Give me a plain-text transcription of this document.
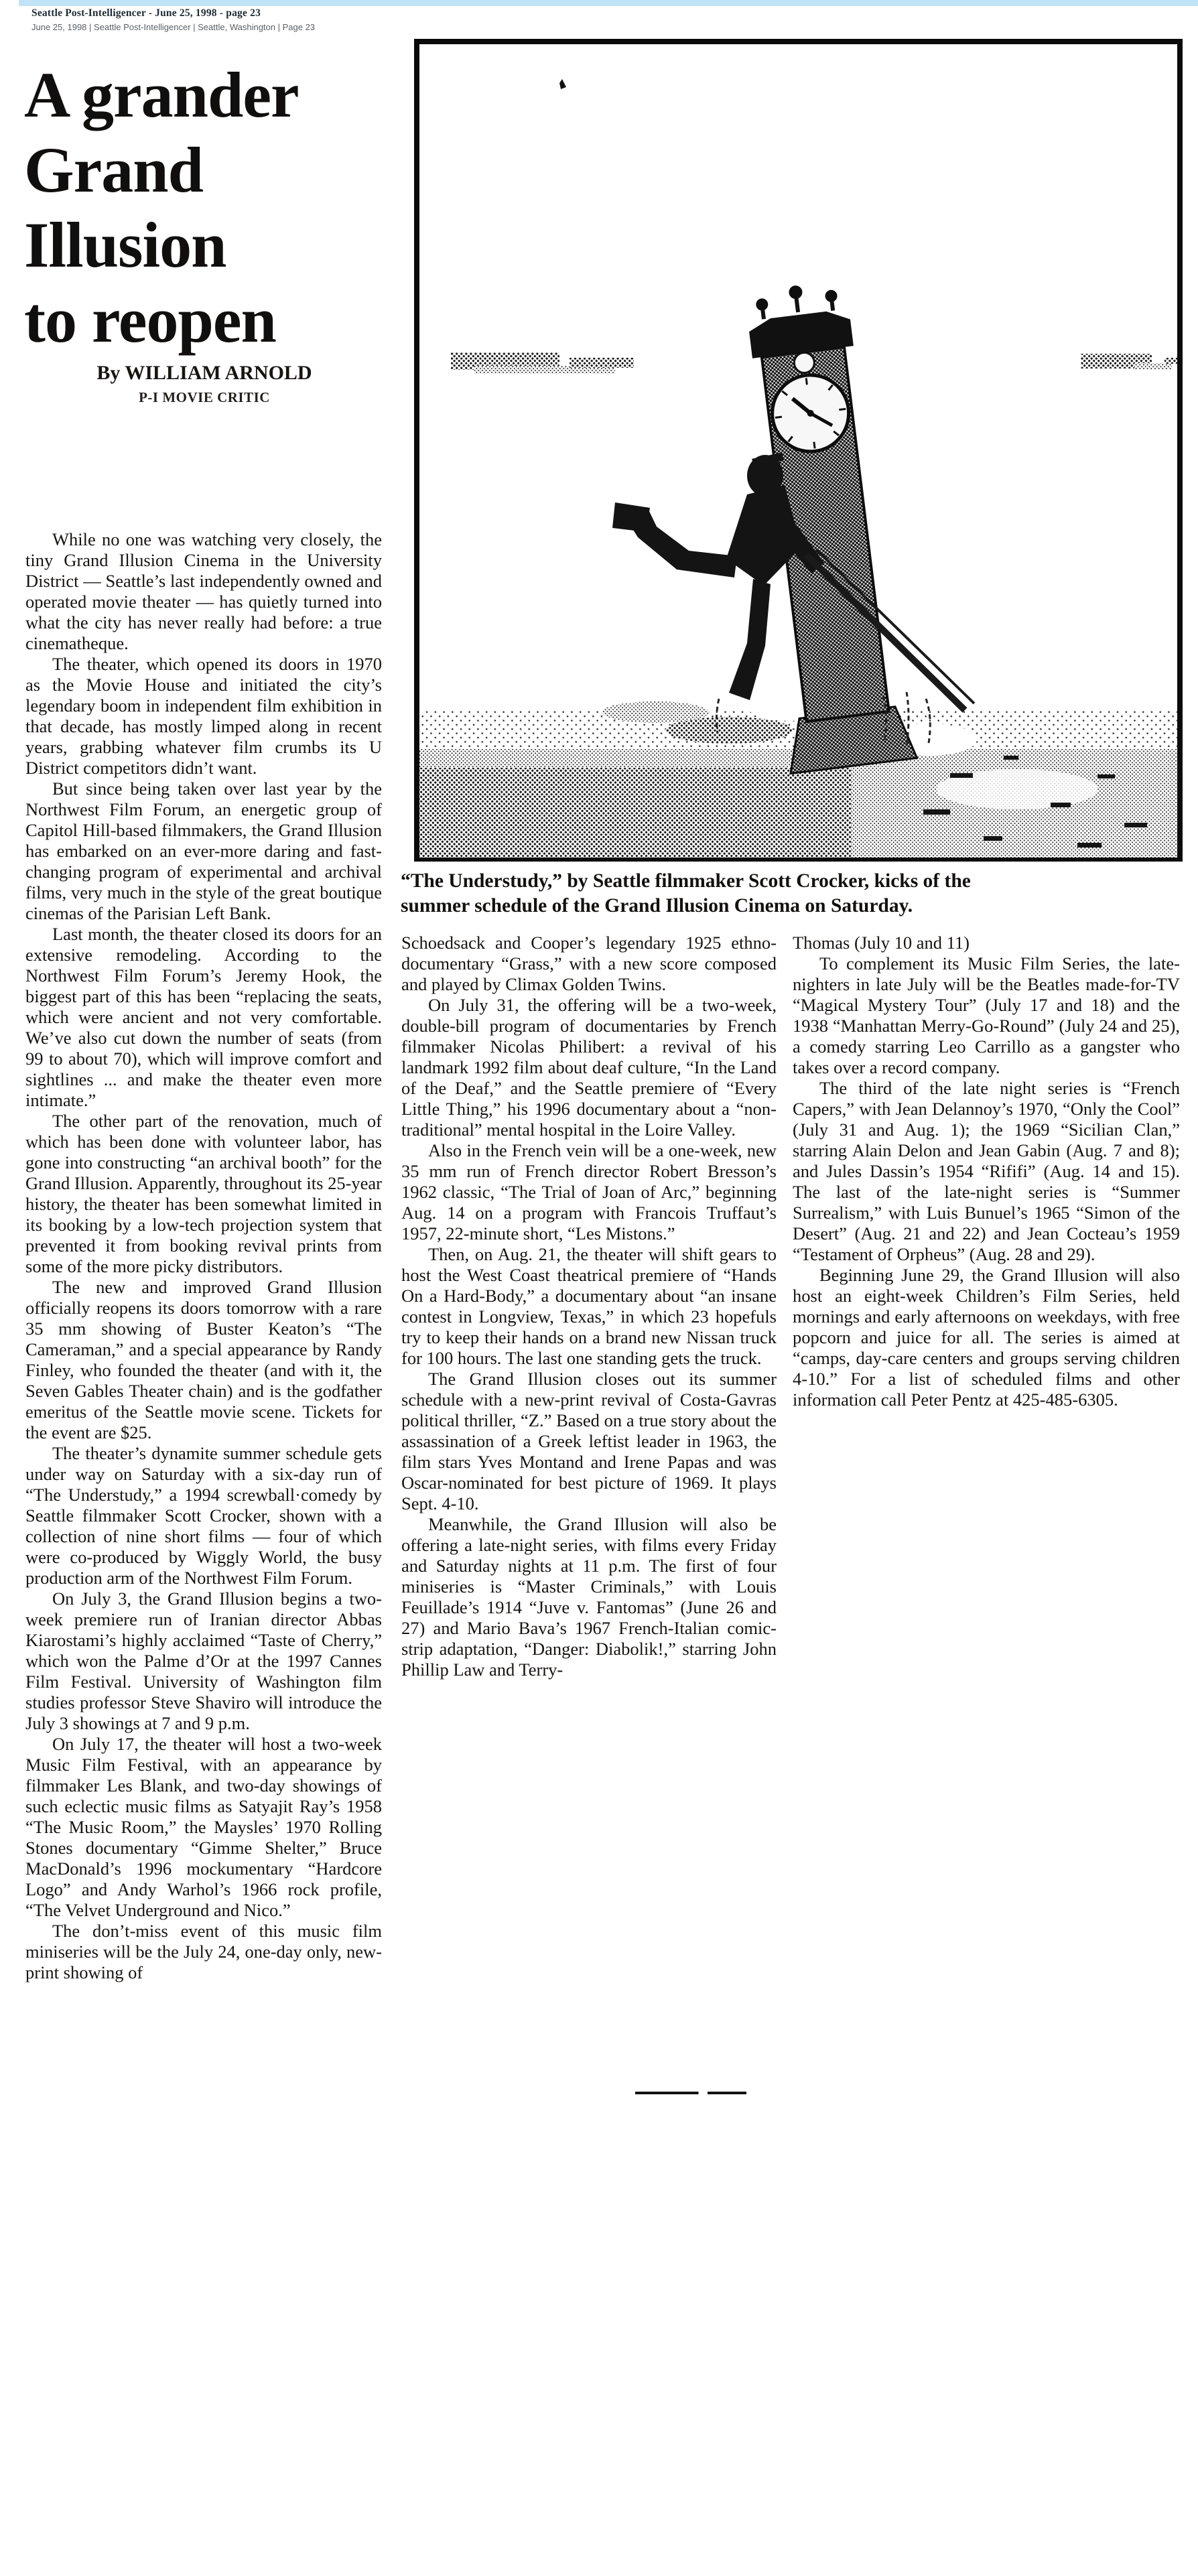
Seattle Post-Intelligencer - June 25, 1998 - page 23
June 25, 1998 | Seattle Post-Intelligencer | Seattle, Washington | Page 23
A grander
Grand
Illusion
to reopen
By WILLIAM ARNOLD
P-I MOVIE CRITIC
“The Understudy,” by Seattle filmmaker Scott Crocker, kicks of the
summer schedule of the Grand Illusion Cinema on Saturday.

While no one was watching very closely, the tiny Grand Illusion Cinema in the University District — Seattle’s last independently owned and operated movie theater — has quietly turned into what the city has never really had before: a true cinematheque.

The theater, which opened its doors in 1970 as the Movie House and initiated the city’s legendary boom in independent film exhibition in that decade, has mostly limped along in recent years, grabbing whatever film crumbs its U District competitors didn’t want.

But since being taken over last year by the Northwest Film Forum, an energetic group of Capitol Hill-based filmmakers, the Grand Illusion has embarked on an ever-more daring and fast-changing program of experimental and archival films, very much in the style of the great boutique cinemas of the Parisian Left Bank.

Last month, the theater closed its doors for an extensive remodeling. According to the Northwest Film Forum’s Jeremy Hook, the biggest part of this has been “replacing the seats, which were ancient and not very comfortable. We’ve also cut down the number of seats (from 99 to about 70), which will improve comfort and sightlines ... and make the theater even more intimate.”

The other part of the renovation, much of which has been done with volunteer labor, has gone into constructing “an archival booth” for the Grand Illusion. Apparently, throughout its 25-year history, the theater has been somewhat limited in its booking by a low-tech projection system that prevented it from booking revival prints from some of the more picky distributors.

The new and improved Grand Illusion officially reopens its doors tomorrow with a rare 35 mm showing of Buster Keaton’s “The Cameraman,” and a special appearance by Randy Finley, who founded the theater (and with it, the Seven Gables Theater chain) and is the godfather emeritus of the Seattle movie scene. Tickets for the event are $25.

The theater’s dynamite summer schedule gets under way on Saturday with a six-day run of “The Understudy,” a 1994 screwball·comedy by Seattle filmmaker Scott Crocker, shown with a collection of nine short films — four of which were co-produced by Wiggly World, the busy production arm of the Northwest Film Forum.

On July 3, the Grand Illusion begins a two-week premiere run of Iranian director Abbas Kiarostami’s highly acclaimed “Taste of Cherry,” which won the Palme d’Or at the 1997 Cannes Film Festival. University of Washington film studies professor Steve Shaviro will introduce the July 3 showings at 7 and 9 p.m.

On July 17, the theater will host a two-week Music Film Festival, with an appearance by filmmaker Les Blank, and two-day showings of such eclectic music films as Satyajit Ray’s 1958 “The Music Room,” the Maysles’ 1970 Rolling Stones documentary “Gimme Shelter,” Bruce MacDonald’s 1996 mockumentary “Hardcore Logo” and Andy Warhol’s 1966 rock profile, “The Velvet Underground and Nico.”

The don’t-miss event of this music film miniseries will be the July 24, one-day only, new-print showing of

Schoedsack and Cooper’s legendary 1925 ethno-documentary “Grass,” with a new score composed and played by Climax Golden Twins.

On July 31, the offering will be a two-week, double-bill program of documentaries by French filmmaker Nicolas Philibert: a revival of his landmark 1992 film about deaf culture, “In the Land of the Deaf,” and the Seattle premiere of “Every Little Thing,” his 1996 documentary about a “non-traditional” mental hospital in the Loire Valley.

Also in the French vein will be a one-week, new 35 mm run of French director Robert Bresson’s 1962 classic, “The Trial of Joan of Arc,” beginning Aug. 14 on a program with Francois Truffaut’s 1957, 22-minute short, “Les Mistons.”

Then, on Aug. 21, the theater will shift gears to host the West Coast theatrical premiere of “Hands On a Hard-Body,” a documentary about “an insane contest in Longview, Texas,” in which 23 hopefuls try to keep their hands on a brand new Nissan truck for 100 hours. The last one standing gets the truck.

The Grand Illusion closes out its summer schedule with a new-print revival of Costa-Gavras political thriller, “Z.” Based on a true story about the assassination of a Greek leftist leader in 1963, the film stars Yves Montand and Irene Papas and was Oscar-nominated for best picture of 1969. It plays Sept. 4-10.

Meanwhile, the Grand Illusion will also be offering a late-night series, with films every Friday and Saturday nights at 11 p.m. The first of four miniseries is “Master Criminals,” with Louis Feuillade’s 1914 “Juve v. Fantomas” (June 26 and 27) and Mario Bava’s 1967 French-Italian comic-strip adaptation, “Danger: Diabolik!,” starring John Phillip Law and Terry-

Thomas (July 10 and 11)

To complement its Music Film Series, the late-nighters in late July will be the Beatles made-for-TV “Magical Mystery Tour” (July 17 and 18) and the 1938 “Manhattan Merry-Go-Round” (July 24 and 25), a comedy starring Leo Carrillo as a gangster who takes over a record company.

The third of the late night series is “French Capers,” with Jean Delannoy’s 1970, “Only the Cool” (July 31 and Aug. 1); the 1969 “Sicilian Clan,” starring Alain Delon and Jean Gabin (Aug. 7 and 8); and Jules Dassin’s 1954 “Rififi” (Aug. 14 and 15). The last of the late-night series is “Summer Surrealism,” with Luis Bunuel’s 1965 “Simon of the Desert” (Aug. 21 and 22) and Jean Cocteau’s 1959 “Testament of Orpheus” (Aug. 28 and 29).

Beginning June 29, the Grand Illusion will also host an eight-week Children’s Film Series, held mornings and early afternoons on weekdays, with free popcorn and juice for all. The series is aimed at “camps, day-care centers and groups serving children 4-10.” For a list of scheduled films and other information call Peter Pentz at 425-485-6305.
